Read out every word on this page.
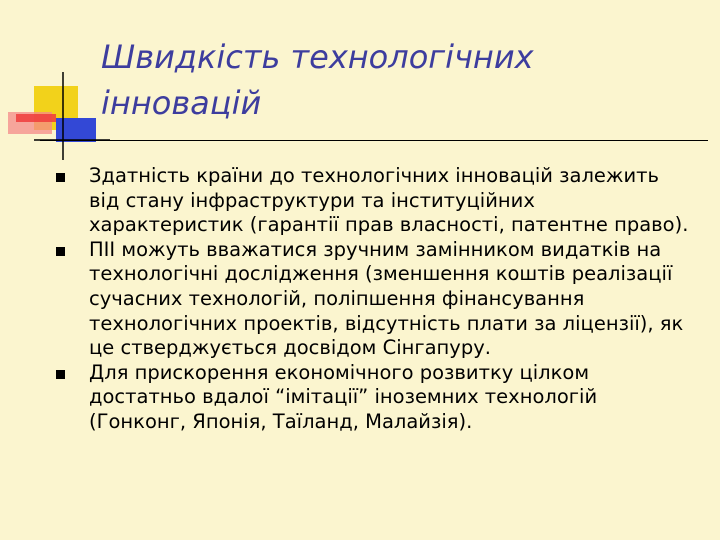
Швидкість технологічних
інновацій
Здатність країни до технологічних інновацій залежить від стану інфраструктури та інституційних характеристик (гарантії прав власності, патентне право).
ПІІ можуть вважатися зручним замінником видатків на технологічні дослідження (зменшення коштів реалізації сучасних технологій, поліпшення фінансування технологічних проектів, відсутність плати за ліцензії), як це стверджується досвідом Сінгапуру.
Для прискорення економічного розвитку цілком достатньо вдалої “імітації” іноземних технологій (Гонконг, Японія, Таїланд, Малайзія).
